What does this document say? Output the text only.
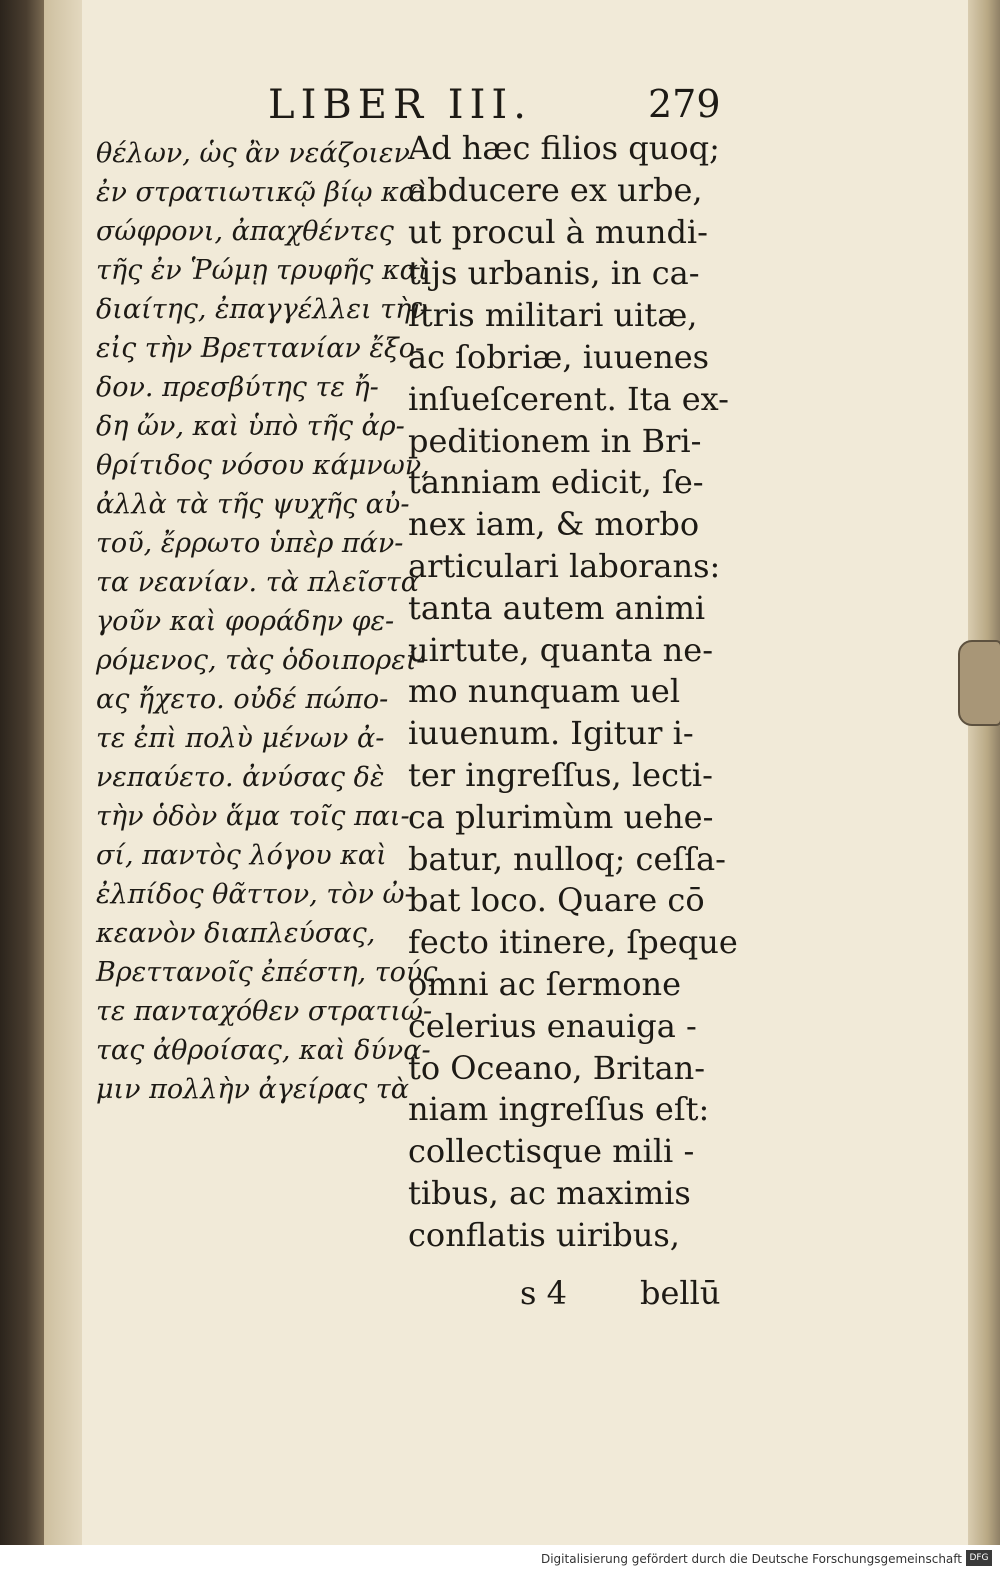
LIBER III.	279
θέλων, ὡς ἂν νεάζοιεν
ἐν στρατιωτικῷ βίῳ καὶ
σώφρονι, ἀπαχθέντες
τῆς ἐν Ῥώμῃ τρυφῆς καὶ
διαίτης, ἐπαγγέλλει τὴν
εἰς τὴν Βρεττανίαν ἔξο-
δον. πρεσβύτης τε ἤ-
δη ὤν, καὶ ὑπὸ τῆς ἀρ-
θρίτιδος νόσου κάμνων,
ἀλλὰ τὰ τῆς ψυχῆς αὐ-
τοῦ, ἔρρωτο ὑπὲρ πάν-
τα νεανίαν. τὰ πλεῖστα
γοῦν καὶ φοράδην φε-
ρόμενος, τὰς ὁδοιπορεί-
ας ἤχετο. οὐδέ πώπο-
τε ἐπὶ πολὺ μένων ἀ-
νεπαύετο. ἀνύσας δὲ
τὴν ὁδὸν ἅμα τοῖς παι-
σί, παντὸς λόγου καὶ
ἐλπίδος θᾶττον, τὸν ὠ-
κεανὸν διαπλεύσας,
Βρεττανοῖς ἐπέστη, τούς
τε πανταχόθεν στρατιώ-
τας ἀθροίσας, καὶ δύνα-
μιν πολλὴν ἀγείρας τὰ
Ad hæc filios quoq;
abducere ex urbe,
ut procul à mundi-
tijs urbanis, in ca-
ſtris militari uitæ,
ac ſobriæ, iuuenes
inſueſcerent. Ita ex-
peditionem in Bri-
tanniam edicit, ſe-
nex iam, & morbo
articulari laborans:
tanta autem animi
uirtute, quanta ne-
mo nunquam uel
iuuenum. Igitur i-
ter ingreſſus, lecti-
ca plurimùm uehe-
batur, nulloq; ceſſa-
bat loco. Quare cō
fecto itinere, ſpeque
omni ac ſermone
celerius enauiga -
to Oceano, Britan-
niam ingreſſus eſt:
collectisque mili -
tibus, ac maximis
conflatis uiribus,
s 4 bellū
Digitalisierung gefördert durch die Deutsche Forschungsgemeinschaft DFG
